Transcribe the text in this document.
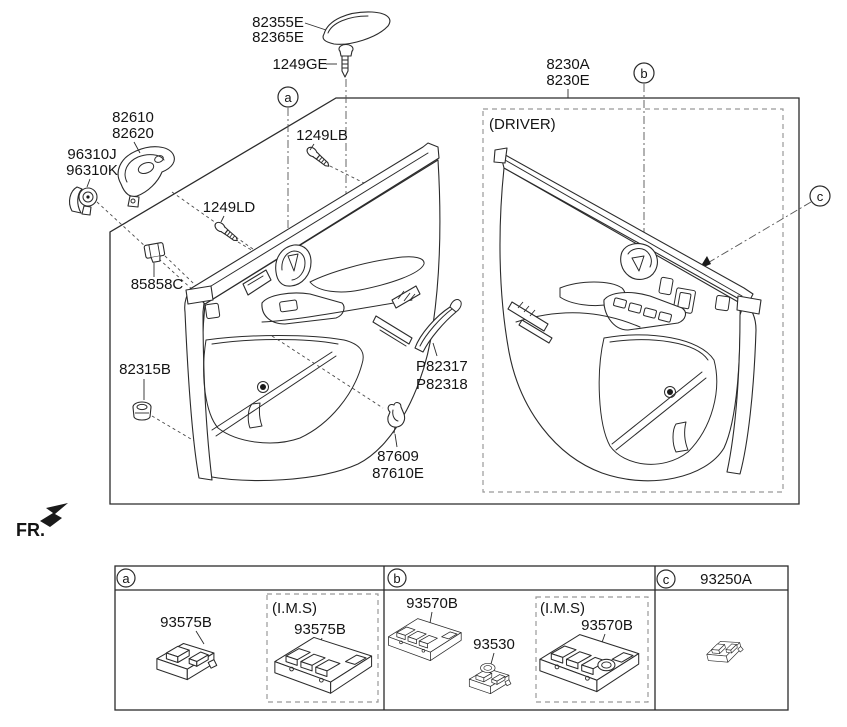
(DRIVER)
82355E
82365E
1249GE
a
8230A
8230E	b
c
82610
82620
96310J
96310K
1249LB
1249LD
85858C
82315B	P82317
P82318
87609
87610E
FR.
a	b	c 93250A
93575B
(I.M.S)
93575B
93570B
93530
(I.M.S)
93570B
